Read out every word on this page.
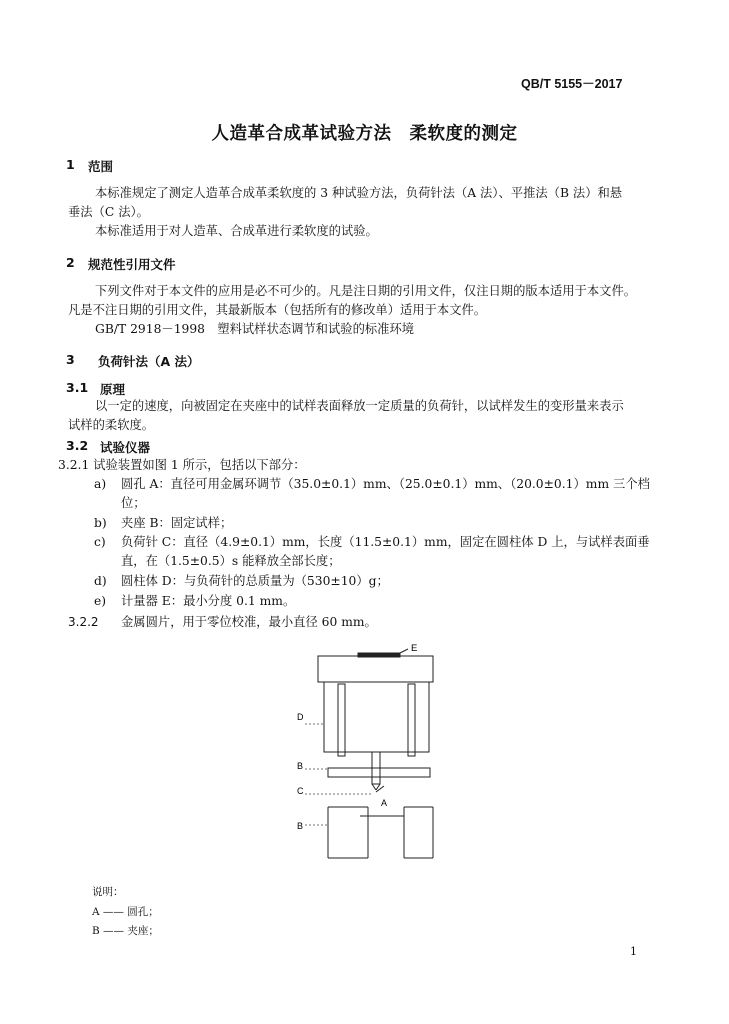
QB/T 5155－2017
人造革合成革试验方法　柔软度的测定
1 范围
本标准规定了测定人造革合成革柔软度的 3 种试验方法，负荷针法（A 法）、平推法（B 法）和悬
垂法（C 法）。
本标准适用于对人造革、合成革进行柔软度的试验。
2 规范性引用文件
下列文件对于本文件的应用是必不可少的。凡是注日期的引用文件，仅注日期的版本适用于本文件。
凡是不注日期的引用文件，其最新版本（包括所有的修改单）适用于本文件。
GB/T 2918－1998　塑料试样状态调节和试验的标准环境
3 负荷针法（A 法）
3.1 原理
以一定的速度，向被固定在夹座中的试样表面释放一定质量的负荷针，以试样发生的变形量来表示
试样的柔软度。
3.2 试验仪器
3.2.1 试验装置如图 1 所示，包括以下部分：
a) 圆孔 A：直径可用金属环调节（35.0±0.1）mm、（25.0±0.1）mm、（20.0±0.1）mm 三个档
位；
b) 夹座 B：固定试样；
c) 负荷针 C：直径（4.9±0.1）mm，长度（11.5±0.1）mm，固定在圆柱体 D 上，与试样表面垂
直，在（1.5±0.5）s 能释放全部长度；
d) 圆柱体 D：与负荷针的总质量为（530±10）g；
e) 计量器 E：最小分度 0.1 mm。
3.2.2 金属圆片，用于零位校准，最小直径 60 mm。
E
D
B
C
A
B
说明：
A —— 圆孔；
B —— 夹座；
1
